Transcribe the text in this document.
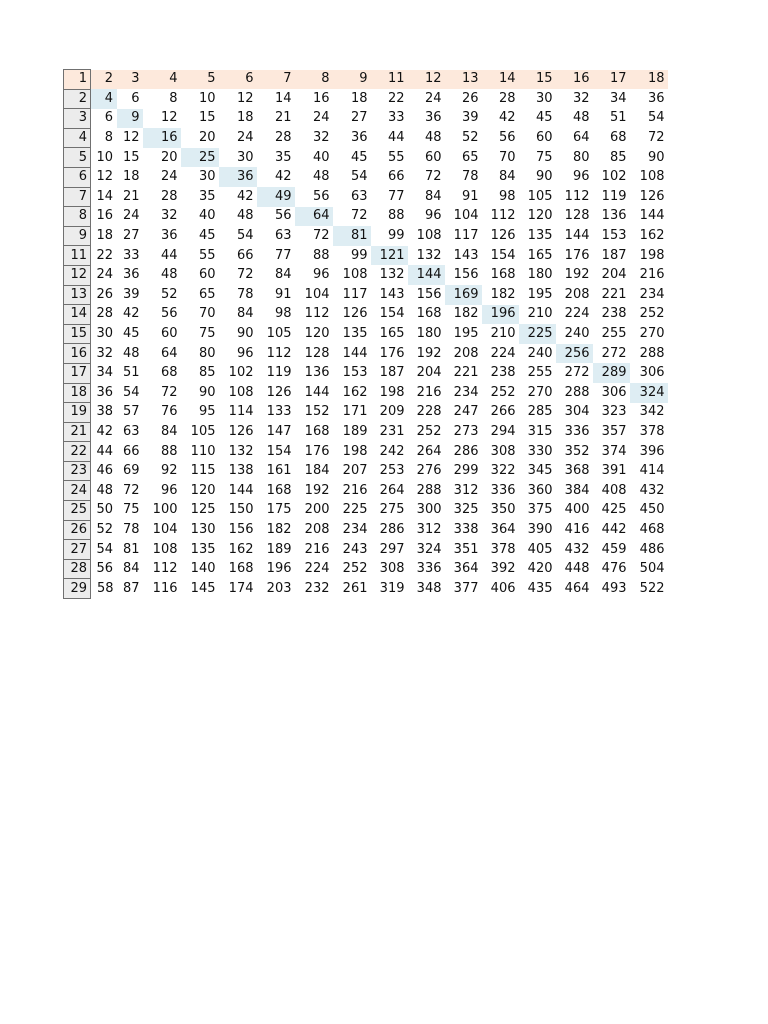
1	2	3	4	5	6	7	8	9	11	12	13	14	15	16	17	18
2	4	6	8	10	12	14	16	18	22	24	26	28	30	32	34	36
3	6	9	12	15	18	21	24	27	33	36	39	42	45	48	51	54
4	8	12	16	20	24	28	32	36	44	48	52	56	60	64	68	72
5	10	15	20	25	30	35	40	45	55	60	65	70	75	80	85	90
6	12	18	24	30	36	42	48	54	66	72	78	84	90	96	102	108
7	14	21	28	35	42	49	56	63	77	84	91	98	105	112	119	126
8	16	24	32	40	48	56	64	72	88	96	104	112	120	128	136	144
9	18	27	36	45	54	63	72	81	99	108	117	126	135	144	153	162
11	22	33	44	55	66	77	88	99	121	132	143	154	165	176	187	198
12	24	36	48	60	72	84	96	108	132	144	156	168	180	192	204	216
13	26	39	52	65	78	91	104	117	143	156	169	182	195	208	221	234
14	28	42	56	70	84	98	112	126	154	168	182	196	210	224	238	252
15	30	45	60	75	90	105	120	135	165	180	195	210	225	240	255	270
16	32	48	64	80	96	112	128	144	176	192	208	224	240	256	272	288
17	34	51	68	85	102	119	136	153	187	204	221	238	255	272	289	306
18	36	54	72	90	108	126	144	162	198	216	234	252	270	288	306	324
19	38	57	76	95	114	133	152	171	209	228	247	266	285	304	323	342
21	42	63	84	105	126	147	168	189	231	252	273	294	315	336	357	378
22	44	66	88	110	132	154	176	198	242	264	286	308	330	352	374	396
23	46	69	92	115	138	161	184	207	253	276	299	322	345	368	391	414
24	48	72	96	120	144	168	192	216	264	288	312	336	360	384	408	432
25	50	75	100	125	150	175	200	225	275	300	325	350	375	400	425	450
26	52	78	104	130	156	182	208	234	286	312	338	364	390	416	442	468
27	54	81	108	135	162	189	216	243	297	324	351	378	405	432	459	486
28	56	84	112	140	168	196	224	252	308	336	364	392	420	448	476	504
29	58	87	116	145	174	203	232	261	319	348	377	406	435	464	493	522
